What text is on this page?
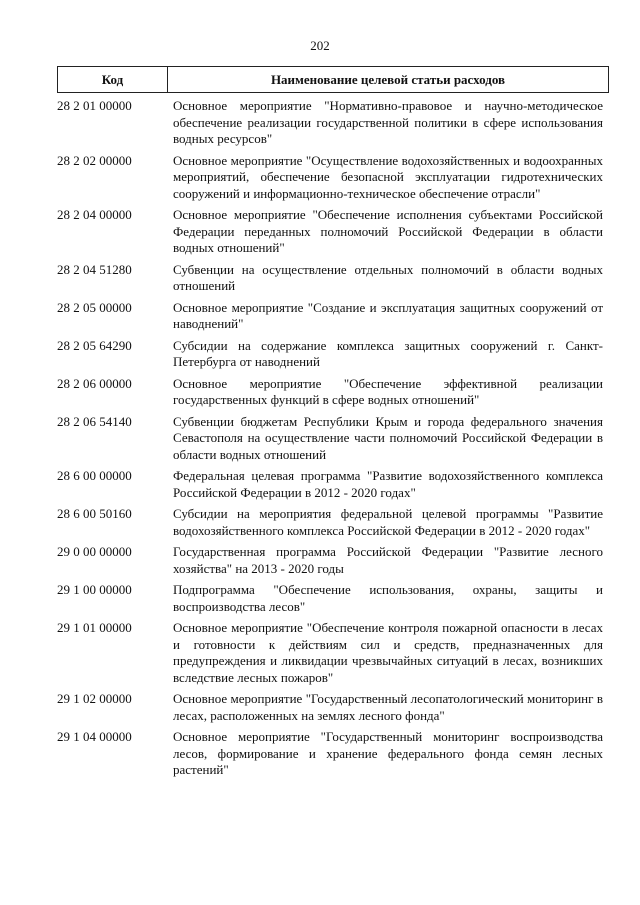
202
Код	Наименование целевой статьи расходов
28 2 01 00000	Основное мероприятие "Нормативно-правовое и научно-методическое обеспечение реализации государственной политики в сфере использования водных ресурсов"
28 2 02 00000	Основное мероприятие "Осуществление водохозяйственных и водоохранных мероприятий, обеспечение безопасной эксплуатации гидротехнических сооружений и информационно-техническое обеспечение отрасли"
28 2 04 00000	Основное мероприятие "Обеспечение исполнения субъектами Российской Федерации переданных полномочий Российской Федерации в области водных отношений"
28 2 04 51280	Субвенции на осуществление отдельных полномочий в области водных отношений
28 2 05 00000	Основное мероприятие "Создание и эксплуатация защитных сооружений от наводнений"
28 2 05 64290	Субсидии на содержание комплекса защитных сооружений г. Санкт-Петербурга от наводнений
28 2 06 00000	Основное мероприятие "Обеспечение эффективной реализации государственных функций в сфере водных отношений"
28 2 06 54140	Субвенции бюджетам Республики Крым и города федерального значения Севастополя на осуществление части полномочий Российской Федерации в области водных отношений
28 6 00 00000	Федеральная целевая программа "Развитие водохозяйственного комплекса Российской Федерации в 2012 - 2020 годах"
28 6 00 50160	Субсидии на мероприятия федеральной целевой программы "Развитие водохозяйственного комплекса Российской Федерации в 2012 - 2020 годах"
29 0 00 00000	Государственная программа Российской Федерации "Развитие лесного хозяйства" на 2013 - 2020 годы
29 1 00 00000	Подпрограмма "Обеспечение использования, охраны, защиты и воспроизводства лесов"
29 1 01 00000	Основное мероприятие "Обеспечение контроля пожарной опасности в лесах и готовности к действиям сил и средств, предназначенных для предупреждения и ликвидации чрезвычайных ситуаций в лесах, возникших вследствие лесных пожаров"
29 1 02 00000	Основное мероприятие "Государственный лесопатологический мониторинг в лесах, расположенных на землях лесного фонда"
29 1 04 00000	Основное мероприятие "Государственный мониторинг воспроизводства лесов, формирование и хранение федерального фонда семян лесных растений"
